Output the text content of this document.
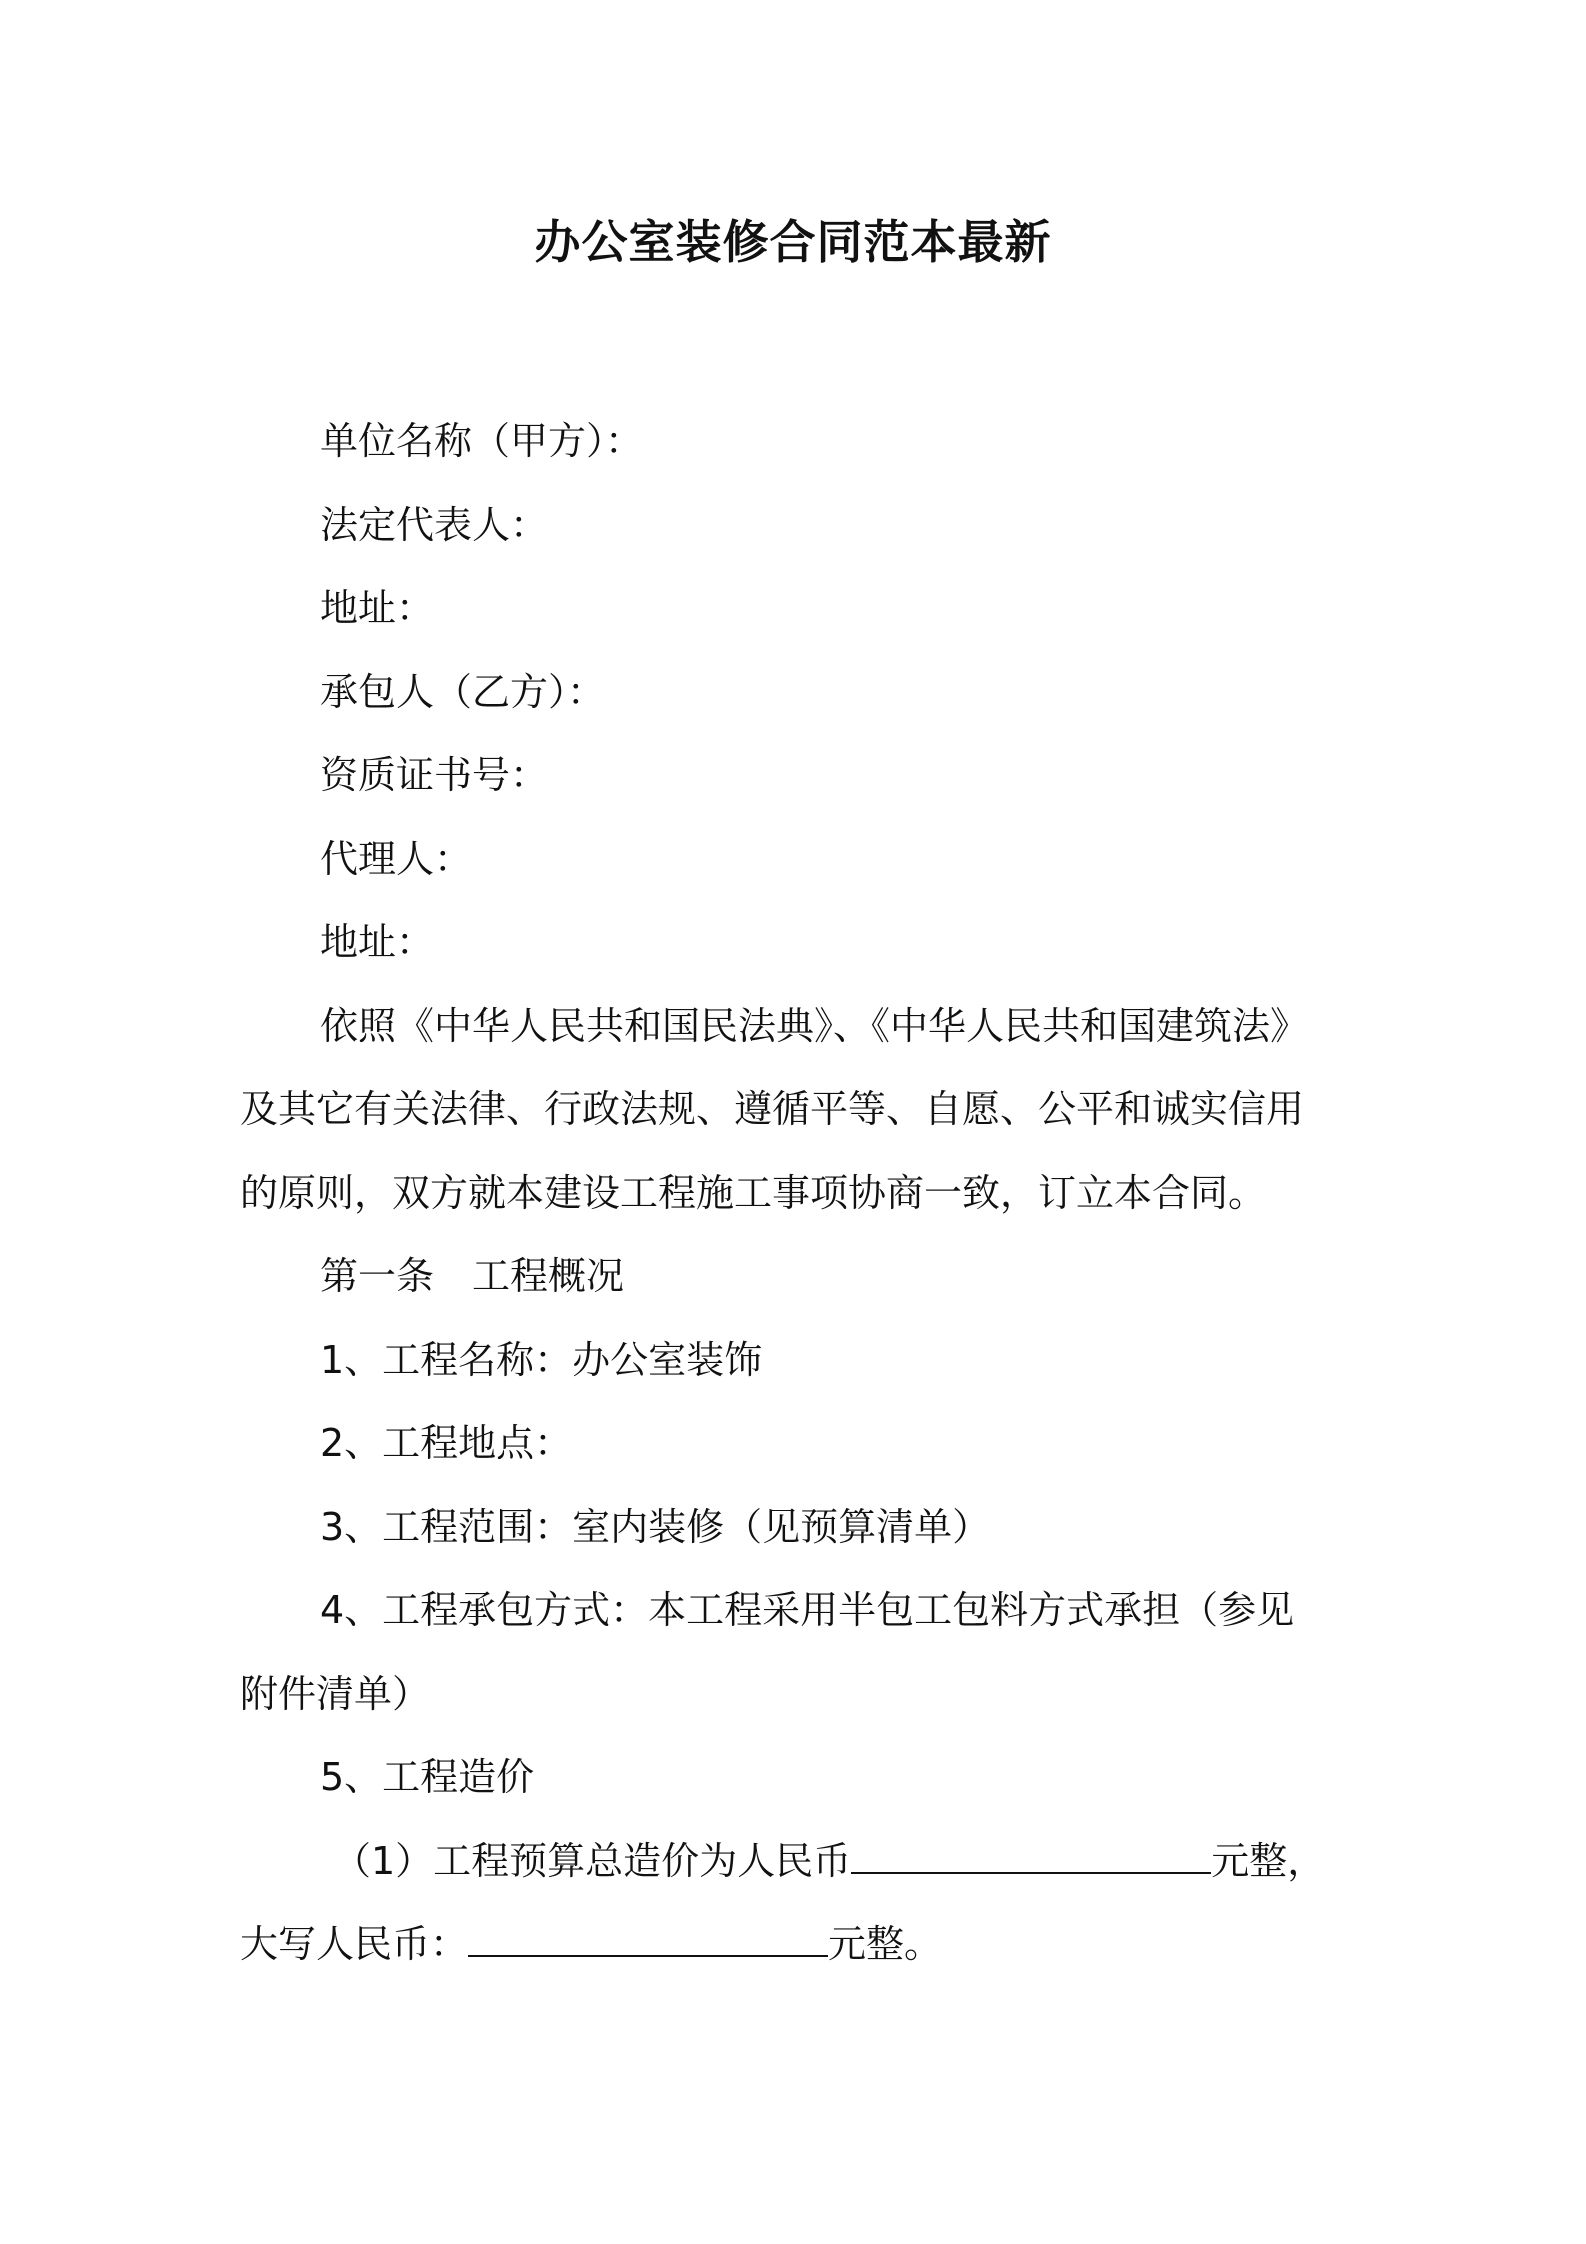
办公室装修合同范本最新

单位名称（甲方）：

法定代表人：

地址：

承包人（乙方）：

资质证书号：

代理人：

地址：

依照《中华人民共和国民法典》、《中华人民共和国建筑法》

及其它有关法律、行政法规、遵循平等、自愿、公平和诚实信用

的原则，双方就本建设工程施工事项协商一致，订立本合同。

第一条 工程概况

1、工程名称：办公室装饰

2、工程地点：

3、工程范围：室内装修（见预算清单）

4、工程承包方式：本工程采用半包工包料方式承担（参见

附件清单）

5、工程造价

（1）工程预算总造价为人民币	元整，

大写人民币：	元整。
